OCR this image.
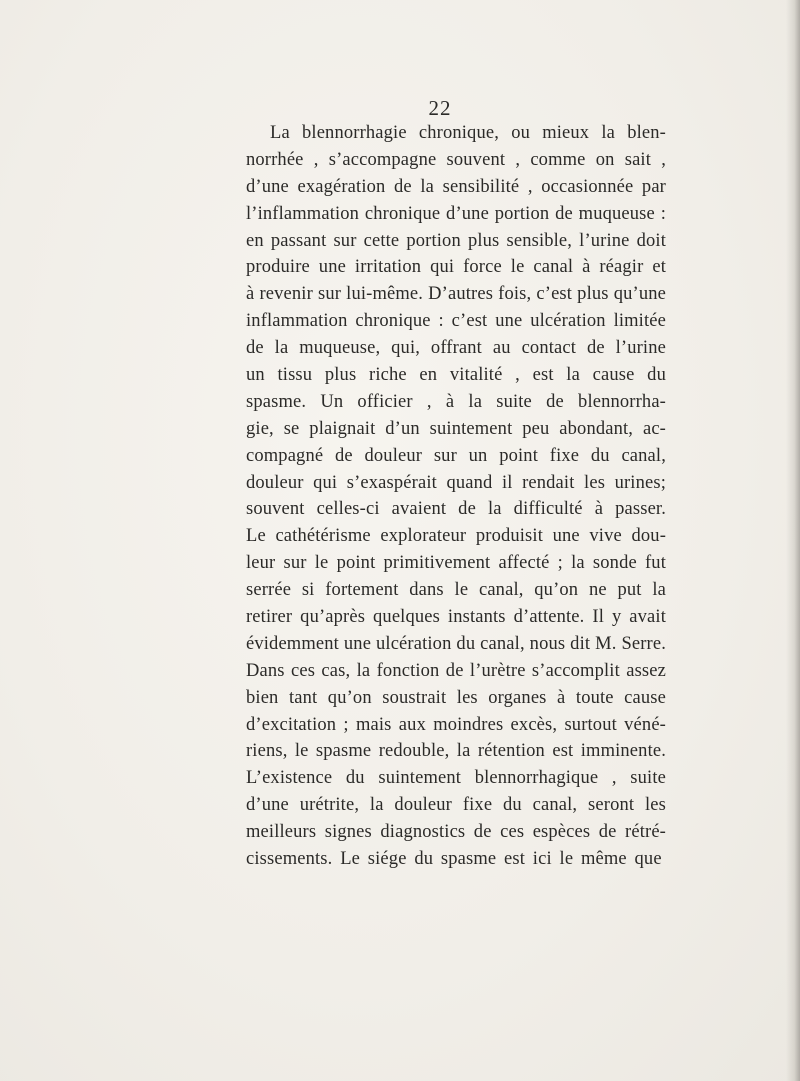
22
La blennorrhagie chronique, ou mieux la blen-
norrhée , s’accompagne souvent , comme on sait ,
d’une exagération de la sensibilité , occasionnée par
l’inflammation chronique d’une portion de muqueuse :
en passant sur cette portion plus sensible, l’urine doit
produire une irritation qui force le canal à réagir et
à revenir sur lui-même. D’autres fois, c’est plus qu’une
inflammation chronique : c’est une ulcération limitée
de la muqueuse, qui, offrant au contact de l’urine
un tissu plus riche en vitalité , est la cause du
spasme. Un officier , à la suite de blennorrha-
gie, se plaignait d’un suintement peu abondant, ac-
compagné de douleur sur un point fixe du canal,
douleur qui s’exaspérait quand il rendait les urines;
souvent celles-ci avaient de la difficulté à passer.
Le cathétérisme explorateur produisit une vive dou-
leur sur le point primitivement affecté ; la sonde fut
serrée si fortement dans le canal, qu’on ne put la
retirer qu’après quelques instants d’attente. Il y avait
évidemment une ulcération du canal, nous dit M. Serre.
Dans ces cas, la fonction de l’urètre s’accomplit assez
bien tant qu’on soustrait les organes à toute cause
d’excitation ; mais aux moindres excès, surtout véné-
riens, le spasme redouble, la rétention est imminente.
L’existence du suintement blennorrhagique , suite
d’une urétrite, la douleur fixe du canal, seront les
meilleurs signes diagnostics de ces espèces de rétré-
cissements. Le siége du spasme est ici le même que
